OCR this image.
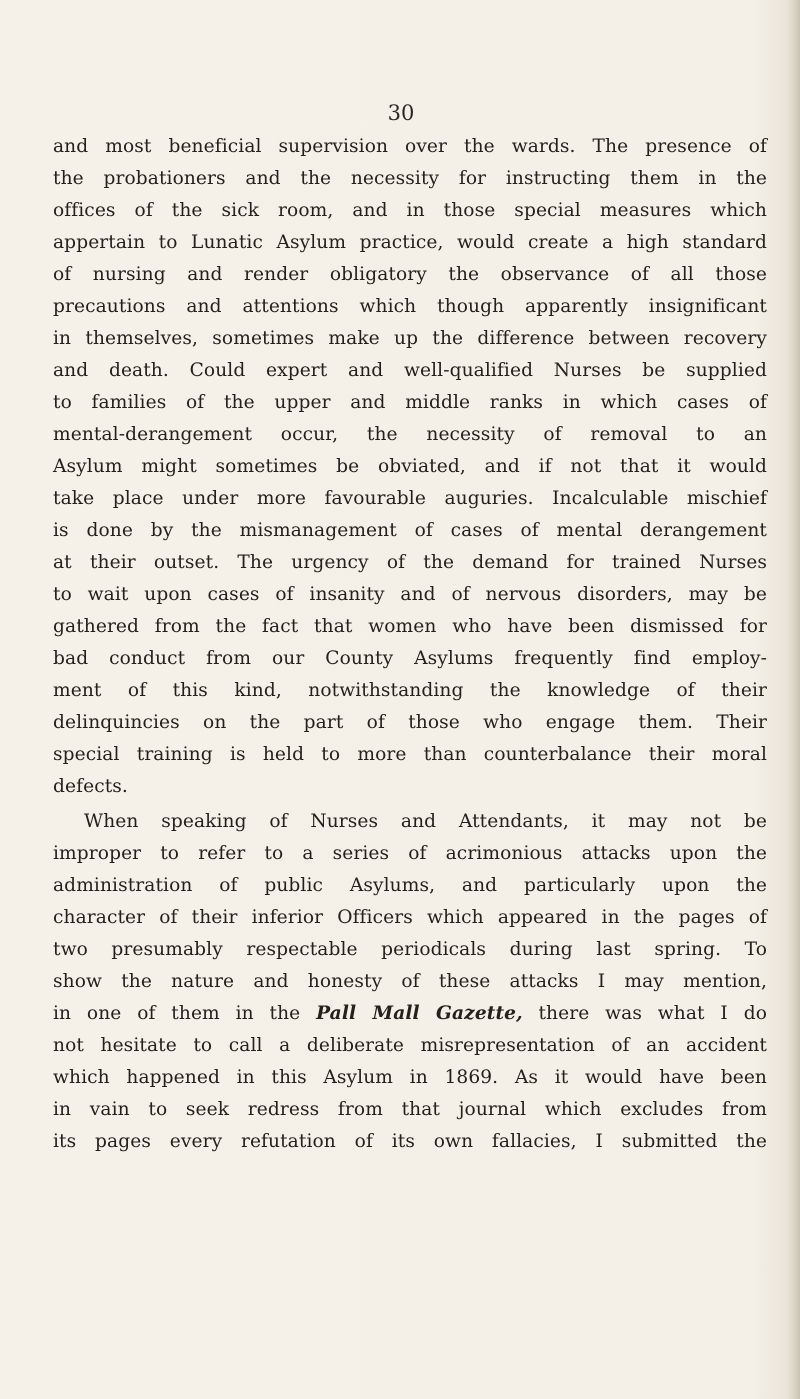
30
and most beneficial supervision over the wards. The presence of
the probationers and the necessity for instructing them in the
offices of the sick room, and in those special measures which
appertain to Lunatic Asylum practice, would create a high standard
of nursing and render obligatory the observance of all those
precautions and attentions which though apparently insignificant
in themselves, sometimes make up the difference between recovery
and death. Could expert and well-qualified Nurses be supplied
to families of the upper and middle ranks in which cases of
mental-derangement occur, the necessity of removal to an
Asylum might sometimes be obviated, and if not that it would
take place under more favourable auguries. Incalculable mischief
is done by the mismanagement of cases of mental derangement
at their outset. The urgency of the demand for trained Nurses
to wait upon cases of insanity and of nervous disorders, may be
gathered from the fact that women who have been dismissed for
bad conduct from our County Asylums frequently find employ-
ment of this kind, notwithstanding the knowledge of their
delinquincies on the part of those who engage them. Their
special training is held to more than counterbalance their moral
defects.
When speaking of Nurses and Attendants, it may not be
improper to refer to a series of acrimonious attacks upon the
administration of public Asylums, and particularly upon the
character of their inferior Officers which appeared in the pages of
two presumably respectable periodicals during last spring. To
show the nature and honesty of these attacks I may mention,
in one of them in the Pall Mall Gazette, there was what I do
not hesitate to call a deliberate misrepresentation of an accident
which happened in this Asylum in 1869. As it would have been
in vain to seek redress from that journal which excludes from
its pages every refutation of its own fallacies, I submitted the
